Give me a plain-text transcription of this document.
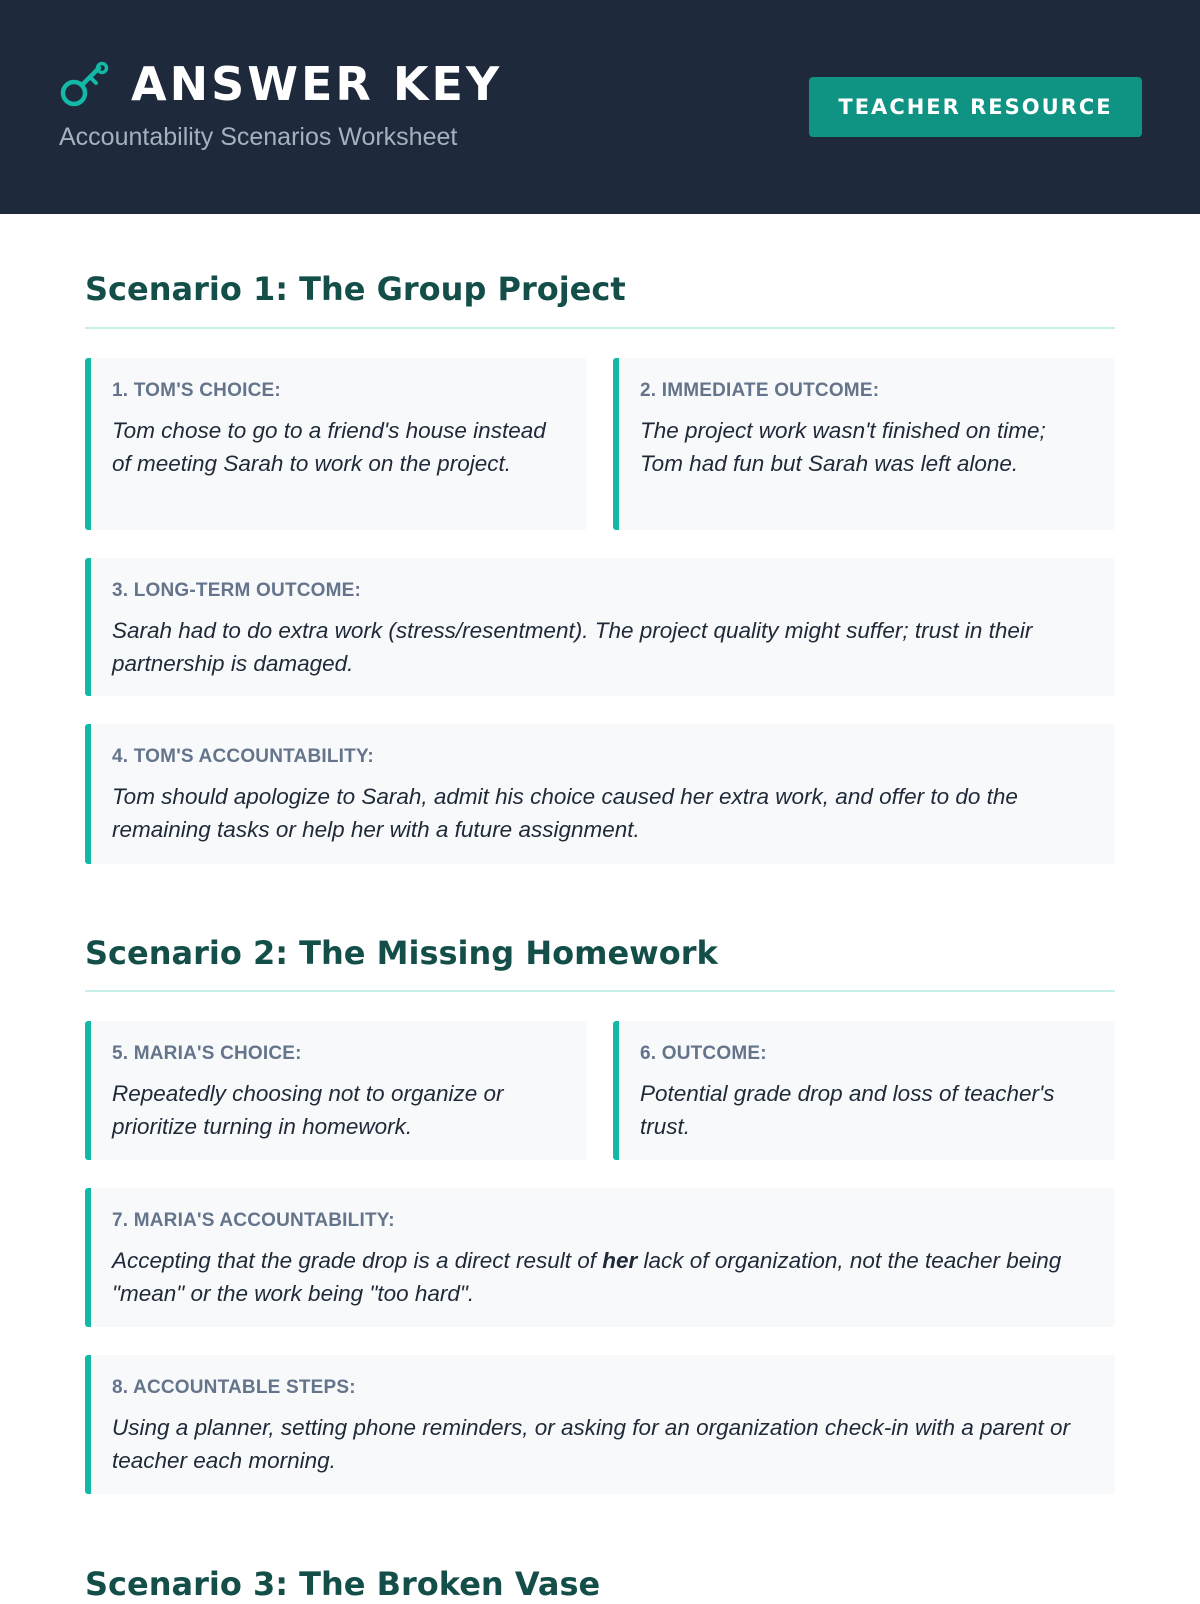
ANSWER KEY
Accountability Scenarios Worksheet
TEACHER RESOURCE
Scenario 1: The Group Project
1. TOM'S CHOICE:
Tom chose to go to a friend's house instead of meeting Sarah to work on the project.
2. IMMEDIATE OUTCOME:
The project work wasn't finished on time; Tom had fun but Sarah was left alone.
3. LONG-TERM OUTCOME:
Sarah had to do extra work (stress/resentment). The project quality might suffer; trust in their partnership is damaged.
4. TOM'S ACCOUNTABILITY:
Tom should apologize to Sarah, admit his choice caused her extra work, and offer to do the remaining tasks or help her with a future assignment.
Scenario 2: The Missing Homework
5. MARIA'S CHOICE:
Repeatedly choosing not to organize or prioritize turning in homework.
6. OUTCOME:
Potential grade drop and loss of teacher's trust.
7. MARIA'S ACCOUNTABILITY:
Accepting that the grade drop is a direct result of her lack of organization, not the teacher being "mean" or the work being "too hard".
8. ACCOUNTABLE STEPS:
Using a planner, setting phone reminders, or asking for an organization check-in with a parent or teacher each morning.
Scenario 3: The Broken Vase
